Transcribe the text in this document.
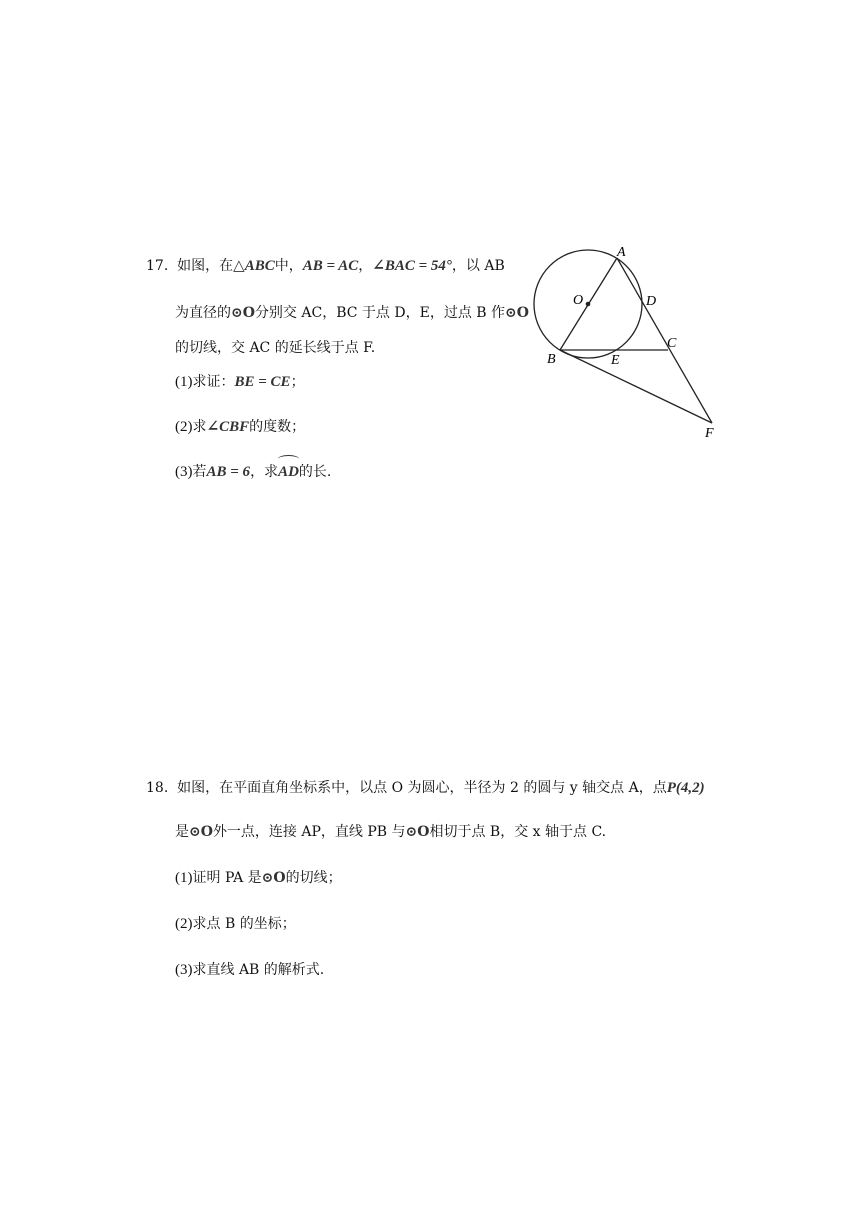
17. 如图，在△ABC中，AB = AC，∠BAC = 54°，以 AB
为直径的⊙O分别交 AC，BC 于点 D，E，过点 B 作⊙O
的切线，交 AC 的延长线于点 F.
(1)求证：BE = CE；
(2)求∠CBF的度数；
(3)若AB = 6，求
AD的长.
A
O	D
C
B	E
F
18. 如图，在平面直角坐标系中，以点 O 为圆心，半径为 2 的圆与 y 轴交点 A，点P(4,2)
是⊙O外一点，连接 AP，直线 PB 与⊙O相切于点 B，交 x 轴于点 C.
(1)证明 PA 是⊙O的切线；
(2)求点 B 的坐标；
(3)求直线 AB 的解析式.
